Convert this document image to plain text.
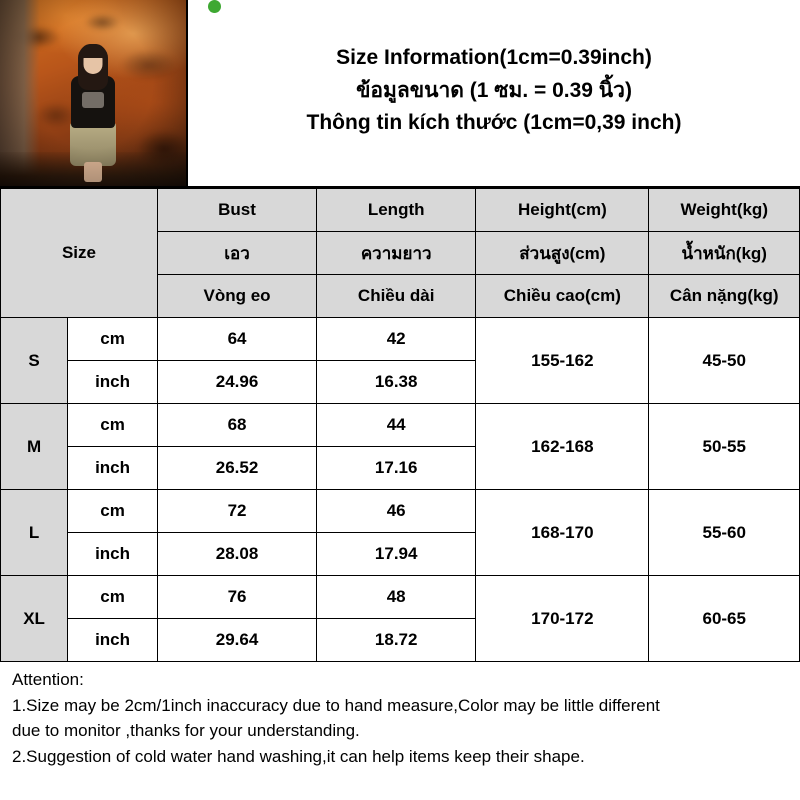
Size Information(1cm=0.39inch)
ข้อมูลขนาด (1 ซม. = 0.39 นิ้ว)
Thông tin kích thước (1cm=0,39 inch)
Size		Bust	Length	Height(cm)	Weight(kg)
		เอว	ความยาว	ส่วนสูง(cm)	น้ำหนัก(kg)
		Vòng eo	Chiều dài	Chiều cao(cm)	Cân nặng(kg)
S	cm	64	42	155-162	45-50
	inch	24.96	16.38		
M	cm	68	44	162-168	50-55
	inch	26.52	17.16		
L	cm	72	46	168-170	55-60
	inch	28.08	17.94		
XL	cm	76	48	170-172	60-65
	inch	29.64	18.72		
Attention:
1.Size may be 2cm/1inch inaccuracy due to hand measure,Color may be little different
due to monitor ,thanks for your understanding.
2.Suggestion of cold water hand washing,it can help items keep their shape.
